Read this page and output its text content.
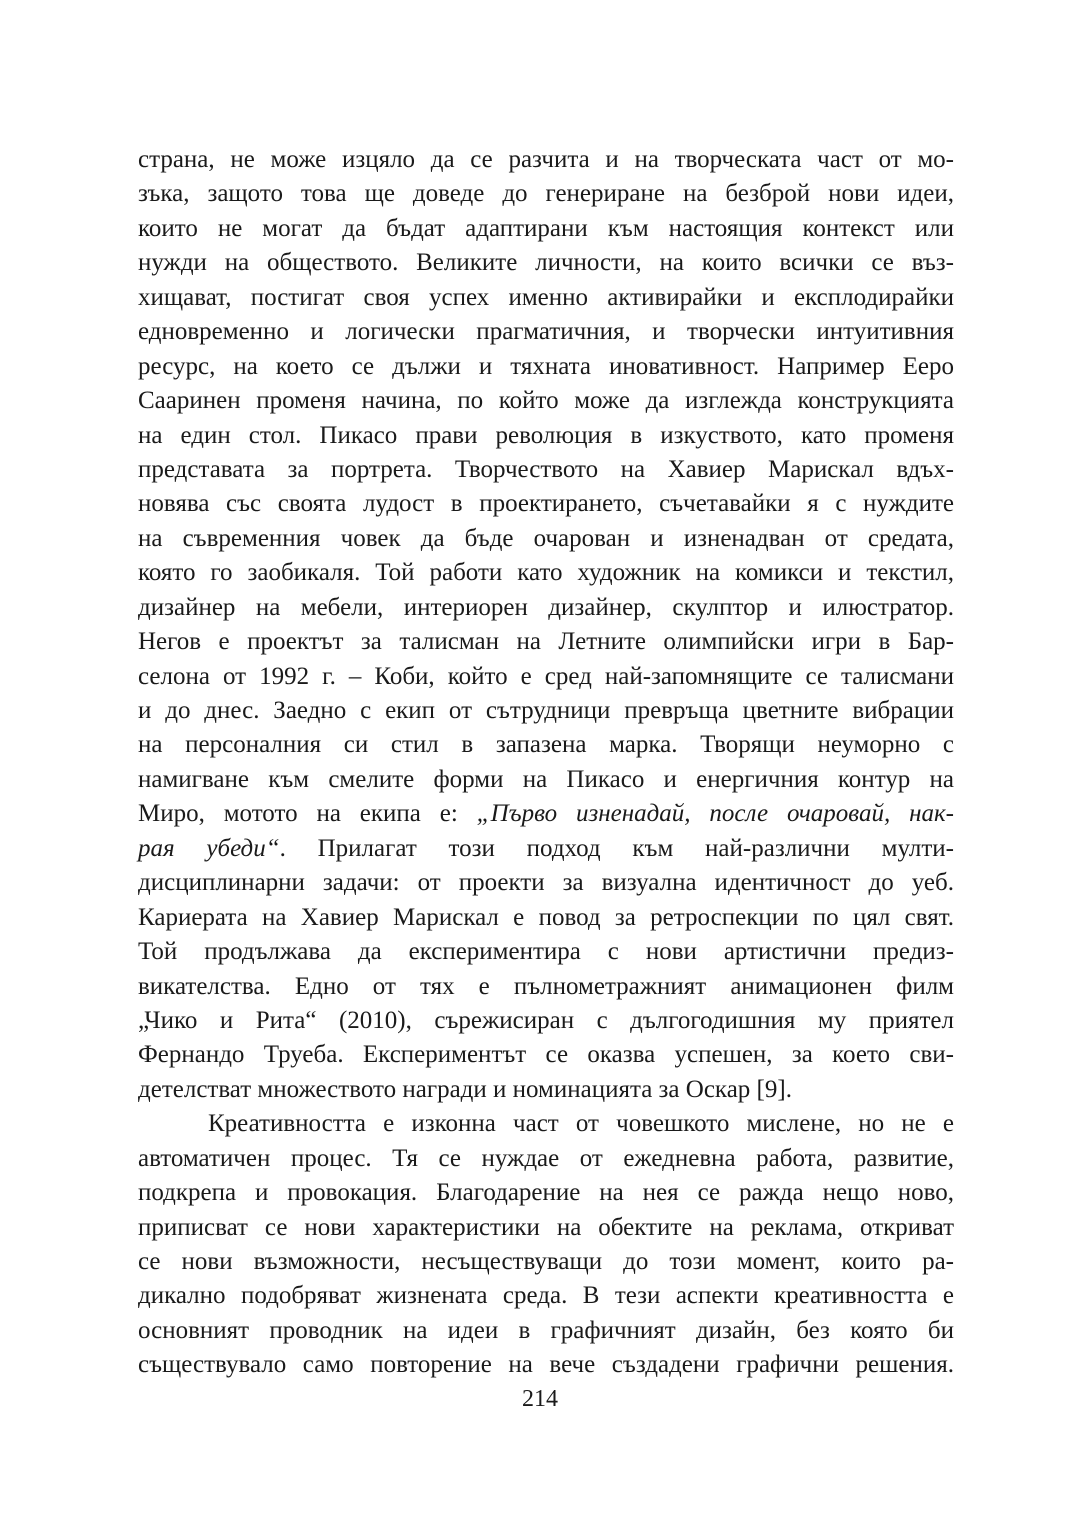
страна, не може изцяло да се разчита и на творческата част от мо-
зъка, защото това ще доведе до генериране на безброй нови идеи,
които не могат да бъдат адаптирани към настоящия контекст или
нужди на обществото. Великите личности, на които всички се въз-
хищават, постигат своя успех именно активирайки и експлодирайки
едновременно и логически прагматичния, и творчески интуитивния
ресурс, на което се дължи и тяхната иновативност. Например Ееро
Сааринен променя начина, по който може да изглежда конструкцията
на един стол. Пикасо прави революция в изкуството, като променя
представата за портрета. Творчеството на Хавиер Марискал вдъх-
новява със своята лудост в проектирането, съчетавайки я с нуждите
на съвременния човек да бъде очарован и изненадван от средата,
която го заобикаля. Той работи като художник на комикси и текстил,
дизайнер на мебели, интериорен дизайнер, скулптор и илюстратор.
Негов е проектът за талисман на Летните олимпийски игри в Бар-
селона от 1992 г. – Коби, който е сред най-запомнящите се талисмани
и до днес. Заедно с екип от сътрудници превръща цветните вибрации
на персоналния си стил в запазена марка. Творящи неуморно с
намигване към смелите форми на Пикасо и енергичния контур на
Миро, мотото на екипа е: „Първо изненадай, после очаровай, нак-
рая убеди“. Прилагат този подход към най-различни мулти-
дисциплинарни задачи: от проекти за визуална идентичност до уеб.
Кариерата на Хавиер Марискал е повод за ретроспекции по цял свят.
Той продължава да експериментира с нови артистични предиз-
викателства. Едно от тях е пълнометражният анимационен филм
„Чико и Рита“ (2010), сърежисиран с дългогодишния му приятел
Фернандо Труеба. Експериментът се оказва успешен, за което сви-
детелстват множеството награди и номинацията за Оскар [9].
Креативността е изконна част от човешкото мислене, но не е
автоматичен процес. Тя се нуждае от ежедневна работа, развитие,
подкрепа и провокация. Благодарение на нея се ражда нещо ново,
приписват се нови характеристики на обектите на реклама, откриват
се нови възможности, несъществуващи до този момент, които ра-
дикално подобряват жизнената среда. В тези аспекти креативността е
основният проводник на идеи в графичният дизайн, без която би
съществувало само повторение на вече създадени графични решения.
214
